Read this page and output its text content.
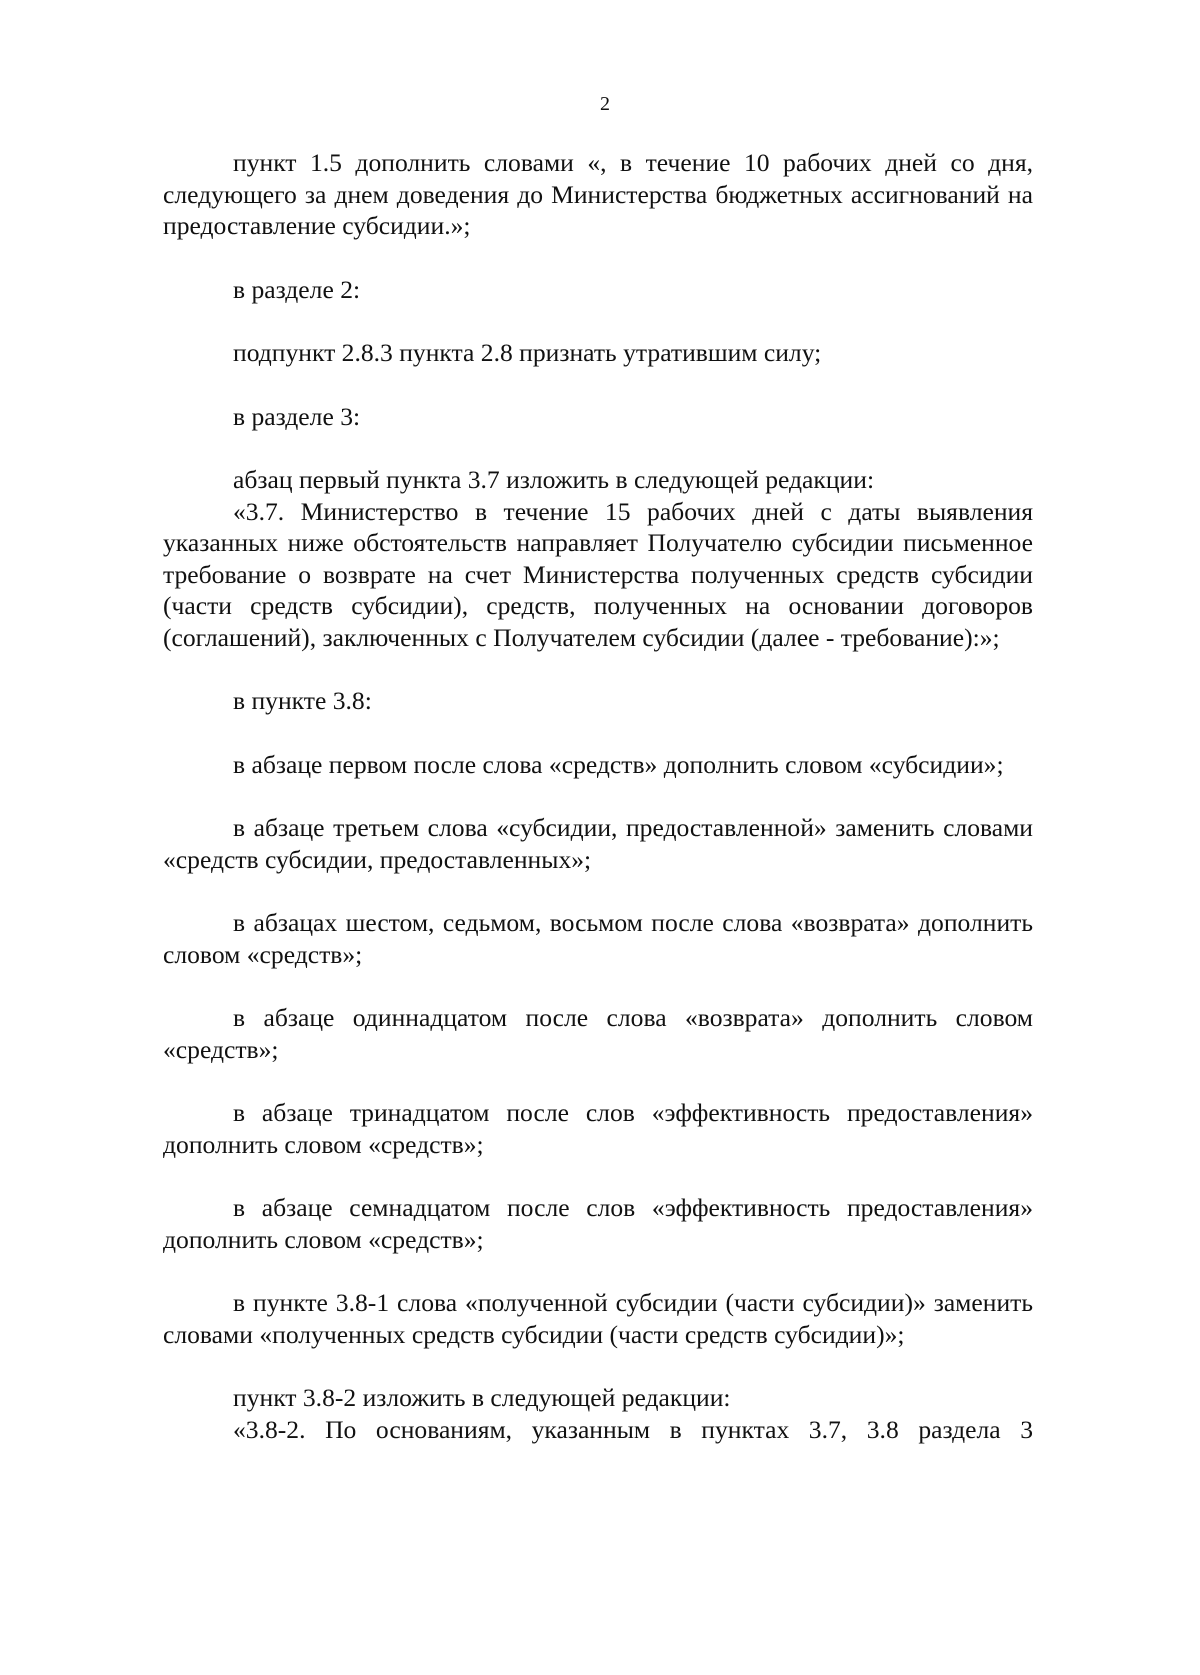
2

пункт 1.5 дополнить словами «, в течение 10 рабочих дней со дня, следующего за днем доведения до Министерства бюджетных ассигнований на предоставление субсидии.»;

в разделе 2:

подпункт 2.8.3 пункта 2.8 признать утратившим силу;

в разделе 3:

абзац первый пункта 3.7 изложить в следующей редакции:

«3.7. Министерство в течение 15 рабочих дней с даты выявления указанных ниже обстоятельств направляет Получателю субсидии письменное требование о возврате на счет Министерства полученных средств субсидии (части средств субсидии), средств, полученных на основании договоров (соглашений), заключенных с Получателем субсидии (далее - требование):»;

в пункте 3.8:

в абзаце первом после слова «средств» дополнить словом «субсидии»;

в абзаце третьем слова «субсидии, предоставленной» заменить словами «средств субсидии, предоставленных»;

в абзацах шестом, седьмом, восьмом после слова «возврата» дополнить словом «средств»;

в абзаце одиннадцатом после слова «возврата» дополнить словом «средств»;

в абзаце тринадцатом после слов «эффективность предоставления» дополнить словом «средств»;

в абзаце семнадцатом после слов «эффективность предоставления» дополнить словом «средств»;

в пункте 3.8-1 слова «полученной субсидии (части субсидии)» заменить словами «полученных средств субсидии (части средств субсидии)»;

пункт 3.8-2 изложить в следующей редакции:

«3.8-2. По основаниям, указанным в пунктах 3.7, 3.8 раздела 3
